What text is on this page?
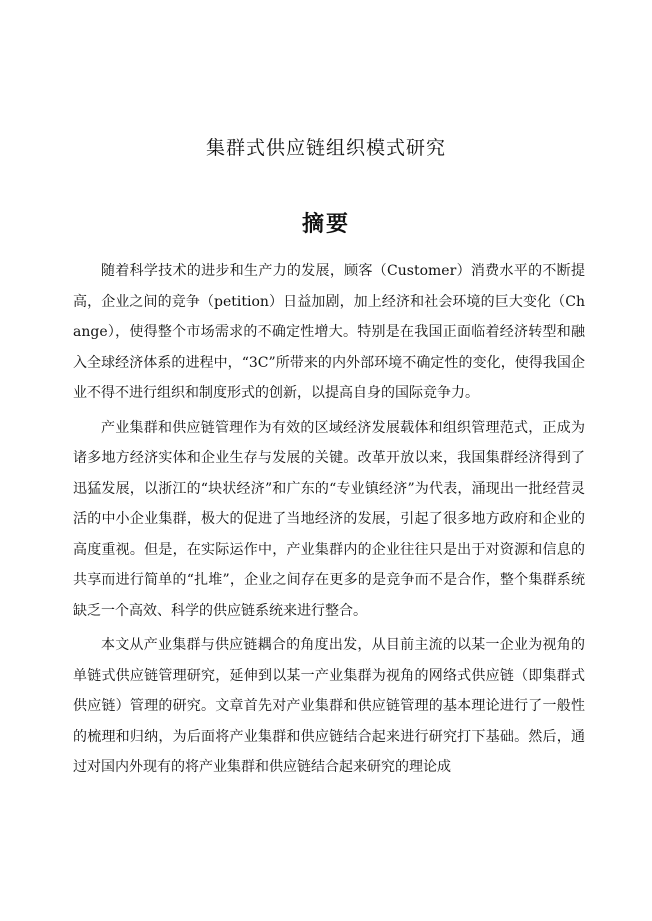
集群式供应链组织模式研究
摘要

随着科学技术的进步和生产力的发展，顾客（Customer）消费水平的不断提高，企业之间的竞争（petition）日益加剧，加上经济和社会环境的巨大变化（Change），使得整个市场需求的不确定性增大。特别是在我国正面临着经济转型和融入全球经济体系的进程中，“3C”所带来的内外部环境不确定性的变化，使得我国企业不得不进行组织和制度形式的创新，以提高自身的国际竞争力。

产业集群和供应链管理作为有效的区域经济发展载体和组织管理范式，正成为诸多地方经济实体和企业生存与发展的关键。改革开放以来，我国集群经济得到了迅猛发展，以浙江的“块状经济”和广东的“专业镇经济”为代表，涌现出一批经营灵活的中小企业集群，极大的促进了当地经济的发展，引起了很多地方政府和企业的高度重视。但是，在实际运作中，产业集群内的企业往往只是出于对资源和信息的共享而进行简单的“扎堆”，企业之间存在更多的是竞争而不是合作，整个集群系统缺乏一个高效、科学的供应链系统来进行整合。

本文从产业集群与供应链耦合的角度出发，从目前主流的以某一企业为视角的单链式供应链管理研究，延伸到以某一产业集群为视角的网络式供应链（即集群式供应链）管理的研究。文章首先对产业集群和供应链管理的基本理论进行了一般性的梳理和归纳，为后面将产业集群和供应链结合起来进行研究打下基础。然后，通过对国内外现有的将产业集群和供应链结合起来研究的理论成
